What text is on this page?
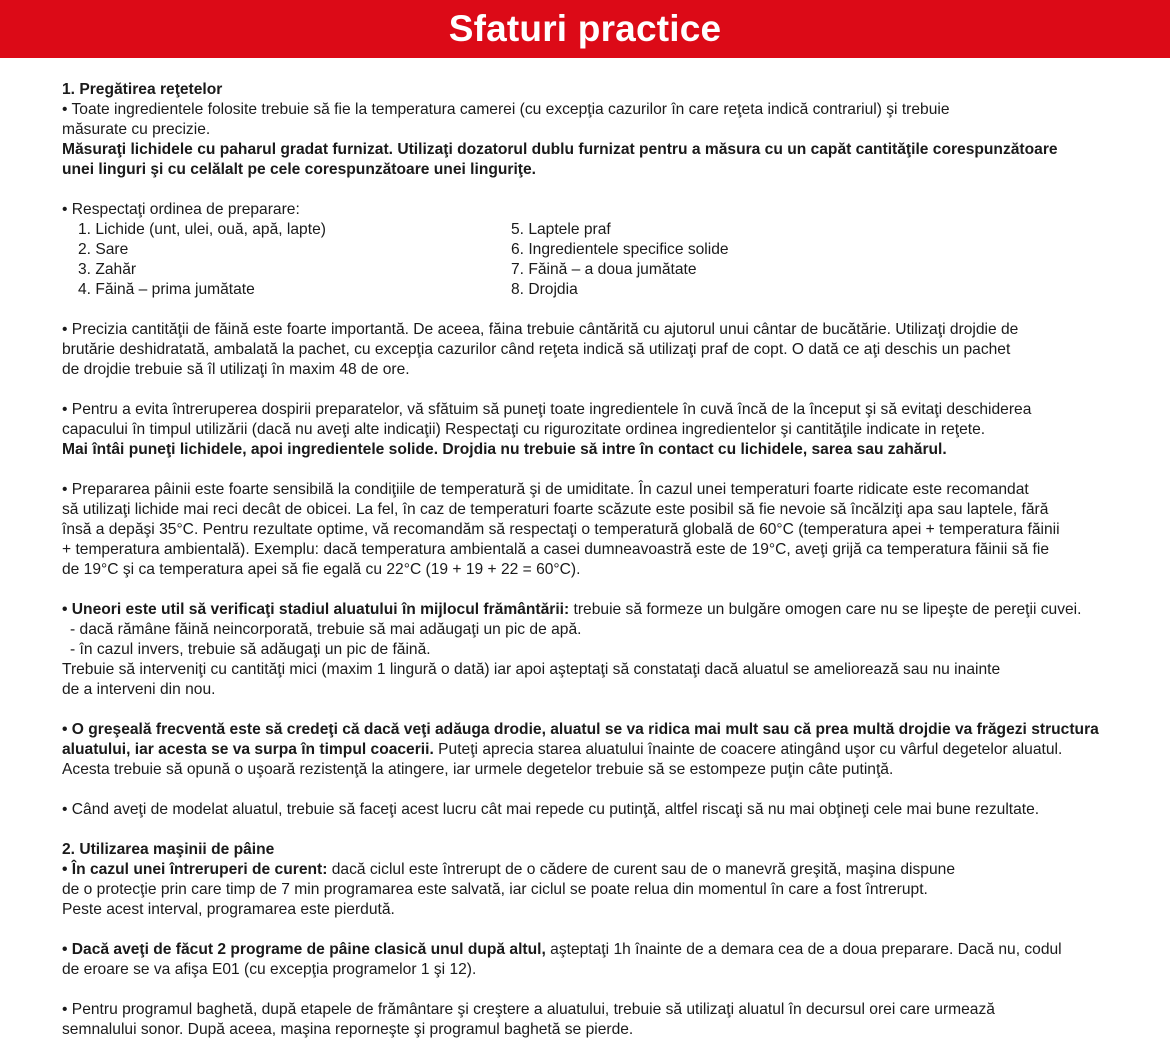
Sfaturi practice
1. Pregătirea reţetelor
• Toate ingredientele folosite trebuie să fie la temperatura camerei (cu excepţia cazurilor în care reţeta indică contrariul) şi trebuie
măsurate cu precizie.
Măsuraţi lichidele cu paharul gradat furnizat. Utilizaţi dozatorul dublu furnizat pentru a măsura cu un capăt cantităţile corespunzătoare
unei linguri şi cu celălalt pe cele corespunzătoare unei linguriţe.
• Respectaţi ordinea de preparare:
1. Lichide (unt, ulei, ouă, apă, lapte)
2. Sare
3. Zahăr
4. Făină – prima jumătate
5. Laptele praf
6. Ingredientele specifice solide
7. Făină – a doua jumătate
8. Drojdia
• Precizia cantităţii de făină este foarte importantă. De aceea, făina trebuie cântărită cu ajutorul unui cântar de bucătărie. Utilizaţi drojdie de
brutărie deshidratată, ambalată la pachet, cu excepţia cazurilor când reţeta indică să utilizaţi praf de copt. O dată ce aţi deschis un pachet
de drojdie trebuie să îl utilizaţi în maxim 48 de ore.
• Pentru a evita întreruperea dospirii preparatelor, vă sfătuim să puneţi toate ingredientele în cuvă încă de la început şi să evitaţi deschiderea
capacului în timpul utilizării (dacă nu aveţi alte indicaţii) Respectaţi cu rigurozitate ordinea ingredientelor şi cantităţile indicate in reţete.
Mai întâi puneţi lichidele, apoi ingredientele solide. Drojdia nu trebuie să intre în contact cu lichidele, sarea sau zahărul.
• Prepararea pâinii este foarte sensibilă la condiţiile de temperatură şi de umiditate. În cazul unei temperaturi foarte ridicate este recomandat
să utilizaţi lichide mai reci decât de obicei. La fel, în caz de temperaturi foarte scăzute este posibil să fie nevoie să încălziţi apa sau laptele, fără
însă a depăşi 35°C. Pentru rezultate optime, vă recomandăm să respectaţi o temperatură globală de 60°C (temperatura apei + temperatura făinii
+ temperatura ambientală). Exemplu: dacă temperatura ambientală a casei dumneavoastră este de 19°C, aveţi grijă ca temperatura făinii să fie
de 19°C şi ca temperatura apei să fie egală cu 22°C (19 + 19 + 22 = 60°C).
• Uneori este util să verificaţi stadiul aluatului în mijlocul frământării: trebuie să formeze un bulgăre omogen care nu se lipeşte de pereţii cuvei.
- dacă rămâne făină neincorporată, trebuie să mai adăugaţi un pic de apă.
- în cazul invers, trebuie să adăugaţi un pic de făină.
Trebuie să interveniţi cu cantităţi mici (maxim 1 lingură o dată) iar apoi aşteptaţi să constataţi dacă aluatul se ameliorează sau nu inainte
de a interveni din nou.
• O greşeală frecventă este să credeţi că dacă veţi adăuga drodie, aluatul se va ridica mai mult sau că prea multă drojdie va frăgezi structura
aluatului, iar acesta se va surpa în timpul coacerii. Puteţi aprecia starea aluatului înainte de coacere atingând uşor cu vârful degetelor aluatul.
Acesta trebuie să opună o uşoară rezistenţă la atingere, iar urmele degetelor trebuie să se estompeze puţin câte putinţă.
• Când aveţi de modelat aluatul, trebuie să faceţi acest lucru cât mai repede cu putinţă, altfel riscaţi să nu mai obţineţi cele mai bune rezultate.
2. Utilizarea maşinii de pâine
• În cazul unei întreruperi de curent: dacă ciclul este întrerupt de o cădere de curent sau de o manevră greşită, maşina dispune
de o protecţie prin care timp de 7 min programarea este salvată, iar ciclul se poate relua din momentul în care a fost întrerupt.
Peste acest interval, programarea este pierdută.
• Dacă aveţi de făcut 2 programe de pâine clasică unul după altul, aşteptaţi 1h înainte de a demara cea de a doua preparare. Dacă nu, codul
de eroare se va afişa E01 (cu excepţia programelor 1 şi 12).
• Pentru programul baghetă, după etapele de frământare şi creştere a aluatului, trebuie să utilizaţi aluatul în decursul orei care urmează
semnalului sonor. După aceea, maşina reporneşte şi programul baghetă se pierde.
